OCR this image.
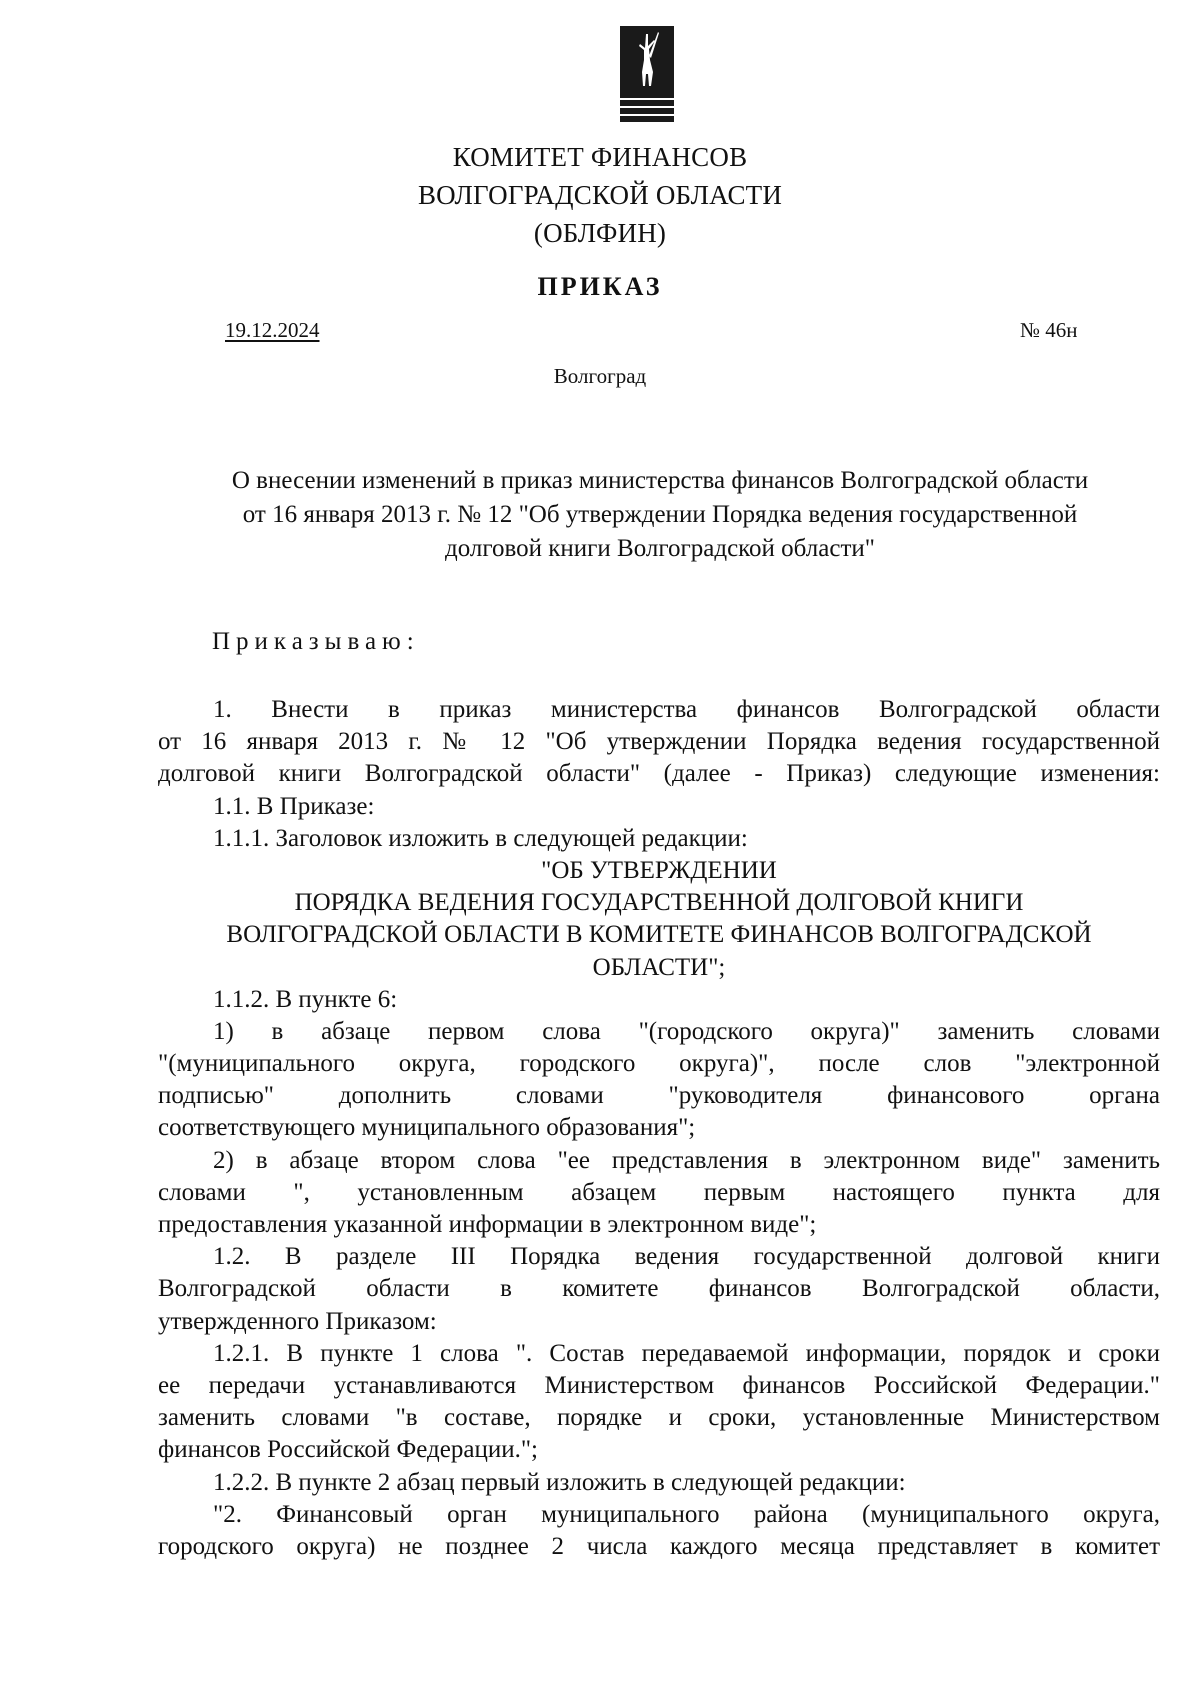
КОМИТЕТ ФИНАНСОВ
ВОЛГОГРАДСКОЙ ОБЛАСТИ
(ОБЛФИН)
ПРИКАЗ
19.12.2024	№ 46н
Волгоград
О внесении изменений в приказ министерства финансов Волгоградской области
от 16 января 2013 г. № 12 "Об утверждении Порядка ведения государственной
долговой книги Волгоградской области"
Приказываю:
1. Внести в приказ министерства финансов Волгоградской области
от 16 января 2013 г. № 12 "Об утверждении Порядка ведения государственной
долговой книги Волгоградской области" (далее - Приказ) следующие изменения:
1.1. В Приказе:
1.1.1. Заголовок изложить в следующей редакции:
"ОБ УТВЕРЖДЕНИИ
ПОРЯДКА ВЕДЕНИЯ ГОСУДАРСТВЕННОЙ ДОЛГОВОЙ КНИГИ
ВОЛГОГРАДСКОЙ ОБЛАСТИ В КОМИТЕТЕ ФИНАНСОВ ВОЛГОГРАДСКОЙ
ОБЛАСТИ";
1.1.2. В пункте 6:
1) в абзаце первом слова "(городского округа)" заменить словами
"(муниципального округа, городского округа)", после слов "электронной
подписью" дополнить словами "руководителя финансового органа
соответствующего муниципального образования";
2) в абзаце втором слова "ее представления в электронном виде" заменить
словами ", установленным абзацем первым настоящего пункта для
предоставления указанной информации в электронном виде";
1.2. В разделе III Порядка ведения государственной долговой книги
Волгоградской области в комитете финансов Волгоградской области,
утвержденного Приказом:
1.2.1. В пункте 1 слова ". Состав передаваемой информации, порядок и сроки
ее передачи устанавливаются Министерством финансов Российской Федерации."
заменить словами "в составе, порядке и сроки, установленные Министерством
финансов Российской Федерации.";
1.2.2. В пункте 2 абзац первый изложить в следующей редакции:
"2. Финансовый орган муниципального района (муниципального округа,
городского округа) не позднее 2 числа каждого месяца представляет в комитет
